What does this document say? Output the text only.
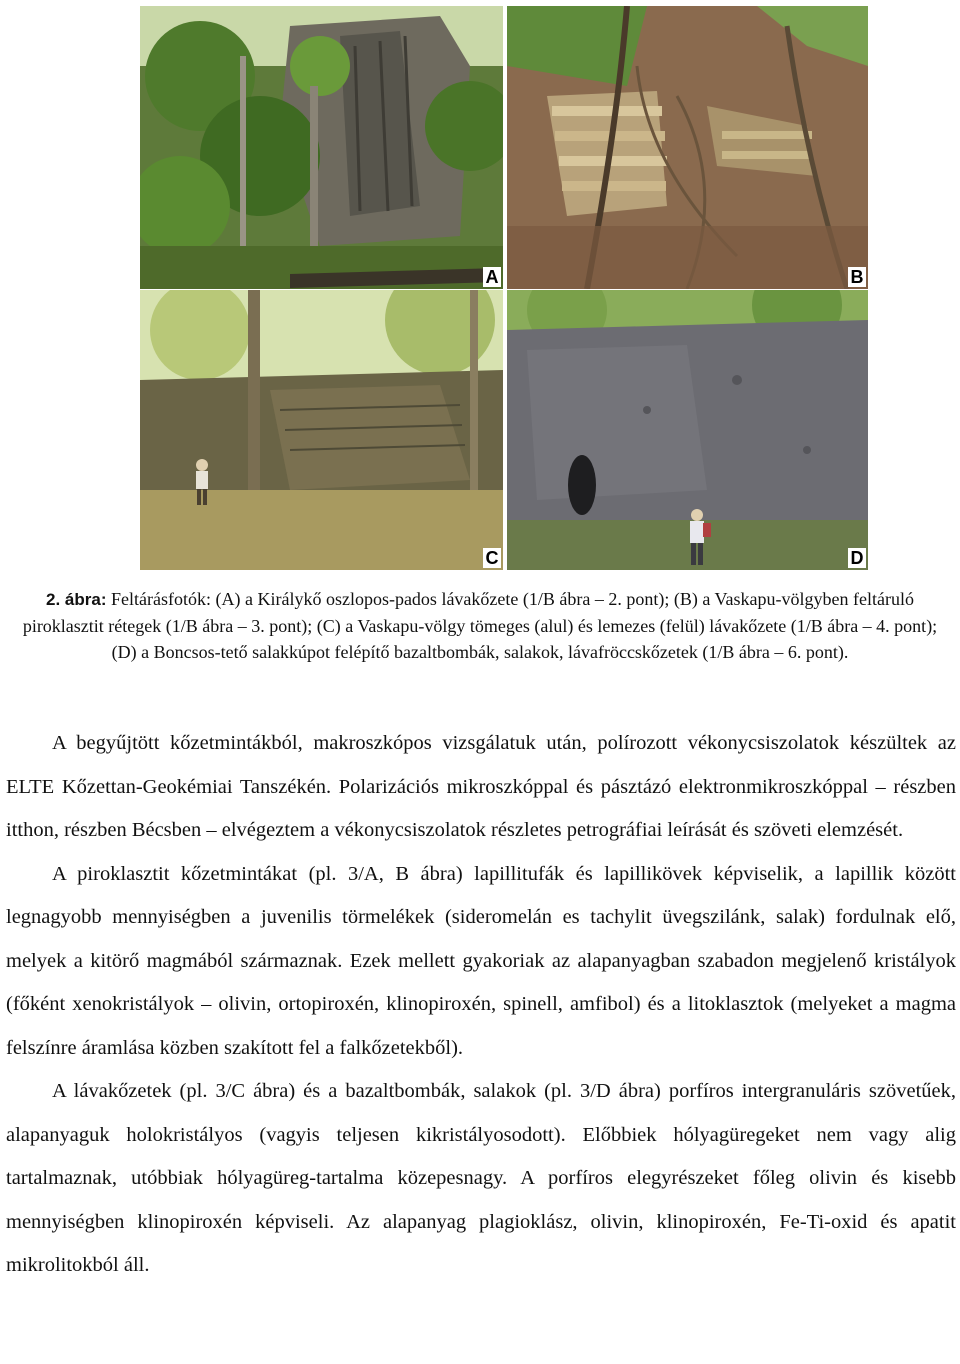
A	B
C	D
2. ábra: Feltárásfotók: (A) a Királykő oszlopos-pados lávakőzete (1/B ábra – 2. pont); (B) a Vaskapu-völgyben feltáruló piroklasztit rétegek (1/B ábra – 3. pont); (C) a Vaskapu-völgy tömeges (alul) és lemezes (felül) lávakőzete (1/B ábra – 4. pont); (D) a Boncsos-tető salakkúpot felépítő bazaltbombák, salakok, lávafröccskőzetek (1/B ábra – 6. pont).

A begyűjtött kőzetmintákból, makroszkópos vizsgálatuk után, polírozott vékonycsiszolatok készültek az ELTE Kőzettan-Geokémiai Tanszékén. Polarizációs mikroszkóppal és pásztázó elektronmikroszkóppal – részben itthon, részben Bécsben – elvégeztem a vékonycsiszolatok részletes petrográfiai leírását és szöveti elemzését.

A piroklasztit kőzetmintákat (pl. 3/A, B ábra) lapillitufák és lapillikövek képviselik, a lapillik között legnagyobb mennyiségben a juvenilis törmelékek (sideromelán es tachylit üvegszilánk, salak) fordulnak elő, melyek a kitörő magmából származnak. Ezek mellett gyakoriak az alapanyagban szabadon megjelenő kristályok (főként xenokristályok – olivin, ortopiroxén, klinopiroxén, spinell, amfibol) és a litoklasztok (melyeket a magma felszínre áramlása közben szakított fel a falkőzetekből).

A lávakőzetek (pl. 3/C ábra) és a bazaltbombák, salakok (pl. 3/D ábra) porfíros intergranuláris szövetűek, alapanyaguk holokristályos (vagyis teljesen kikristályosodott). Előbbiek hólyagüregeket nem vagy alig tartalmaznak, utóbbiak hólyagüreg-tartalma közepesnagy. A porfíros elegyrészeket főleg olivin és kisebb mennyiségben klinopiroxén képviseli. Az alapanyag plagioklász, olivin, klinopiroxén, Fe-Ti-oxid és apatit mikrolitokból áll.
